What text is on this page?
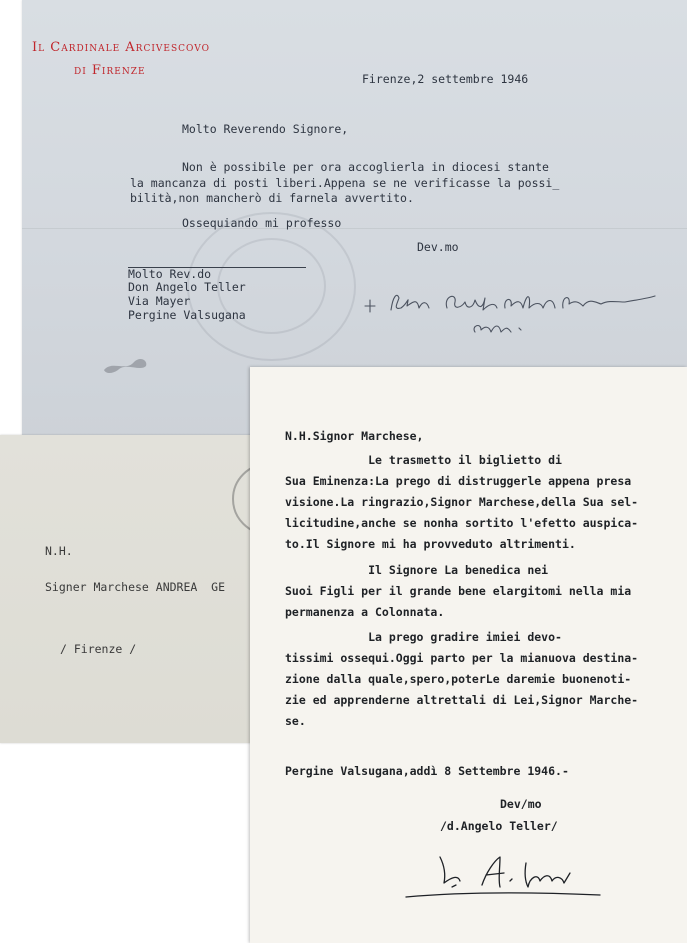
Il Cardinale Arcivescovo
di Firenze
Firenze,2 settembre 1946
Molto Reverendo Signore,
Non è possibile per ora accoglierla in diocesi stante
la mancanza di posti liberi.Appena se ne verificasse la possi_
bilità,non mancherò di farnela avvertito.
Ossequiando mi professo
Dev.mo
Molto Rev.do
Don Angelo Teller
Via Mayer
Pergine Valsugana
N.H.
Signer Marchese ANDREA  GE
/ Firenze /
N.H.Signor Marchese,
Le trasmetto il biglietto di
Sua Eminenza:La prego di distruggerle appena presa
visione.La ringrazio,Signor Marchese,della Sua sel-
licitudine,anche se nonha sortito l'efetto auspica-
to.Il Signore mi ha provveduto altrimenti.
Il Signore La benedica nei
Suoi Figli per il grande bene elargitomi nella mia
permanenza a Colonnata.
La prego gradire imiei devo-
tissimi ossequi.Oggi parto per la mianuova destina-
zione dalla quale,spero,poterLe daremie buonenoti-
zie ed apprenderne altrettali di Lei,Signor Marche-
se.
Pergine Valsugana,addì 8 Settembre 1946.-
Dev/mo
/d.Angelo Teller/
